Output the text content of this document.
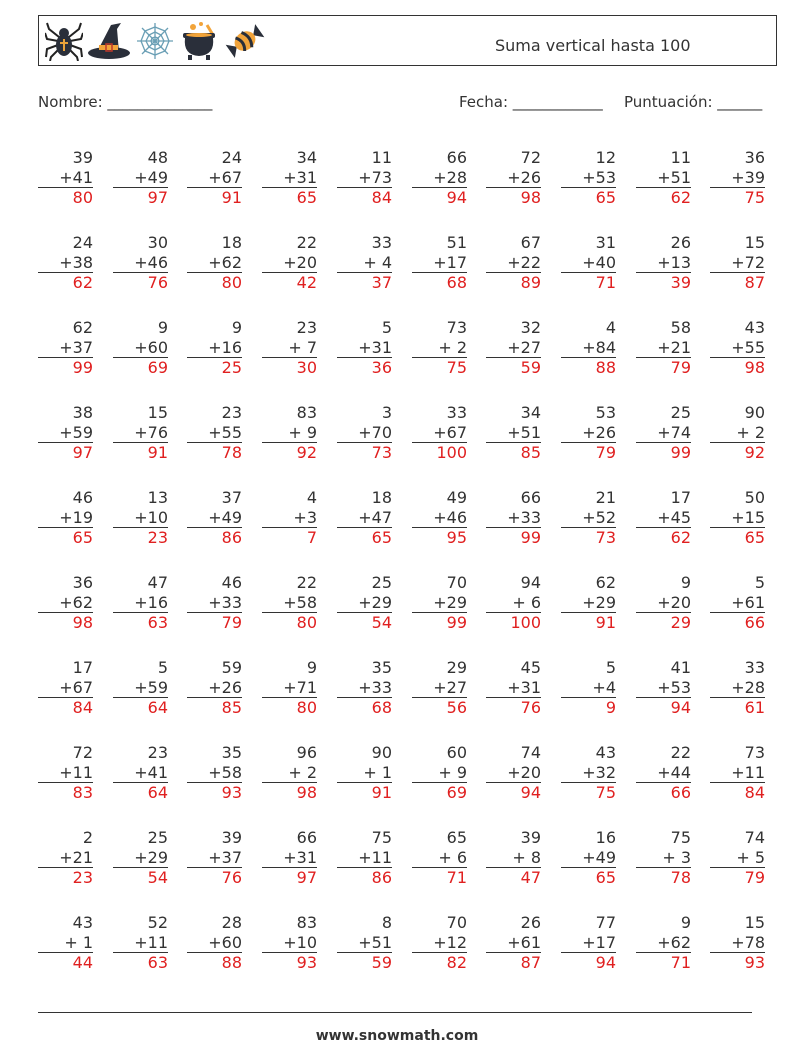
Suma vertical hasta 100
Nombre: ______________	Fecha: ____________ Puntuación: ______
39
+41
80
48
+49
97
24
+67
91
34
+31
65
11
+73
84
66
+28
94
72
+26
98
12
+53
65
11
+51
62
36
+39
75
24
+38
62
30
+46
76
18
+62
80
22
+20
42
33
+ 4
37
51
+17
68
67
+22
89
31
+40
71
26
+13
39
15
+72
87
62
+37
99
9
+60
69
9
+16
25
23
+ 7
30
5
+31
36
73
+ 2
75
32
+27
59
4
+84
88
58
+21
79
43
+55
98
38
+59
97
15
+76
91
23
+55
78
83
+ 9
92
3
+70
73
33
+67
100
34
+51
85
53
+26
79
25
+74
99
90
+ 2
92
46
+19
65
13
+10
23
37
+49
86
4
+3
7
18
+47
65
49
+46
95
66
+33
99
21
+52
73
17
+45
62
50
+15
65
36
+62
98
47
+16
63
46
+33
79
22
+58
80
25
+29
54
70
+29
99
94
+ 6
100
62
+29
91
9
+20
29
5
+61
66
17
+67
84
5
+59
64
59
+26
85
9
+71
80
35
+33
68
29
+27
56
45
+31
76
5
+4
9
41
+53
94
33
+28
61
72
+11
83
23
+41
64
35
+58
93
96
+ 2
98
90
+ 1
91
60
+ 9
69
74
+20
94
43
+32
75
22
+44
66
73
+11
84
2
+21
23
25
+29
54
39
+37
76
66
+31
97
75
+11
86
65
+ 6
71
39
+ 8
47
16
+49
65
75
+ 3
78
74
+ 5
79
43
+ 1
44
52
+11
63
28
+60
88
83
+10
93
8
+51
59
70
+12
82
26
+61
87
77
+17
94
9
+62
71
15
+78
93
www.snowmath.com
